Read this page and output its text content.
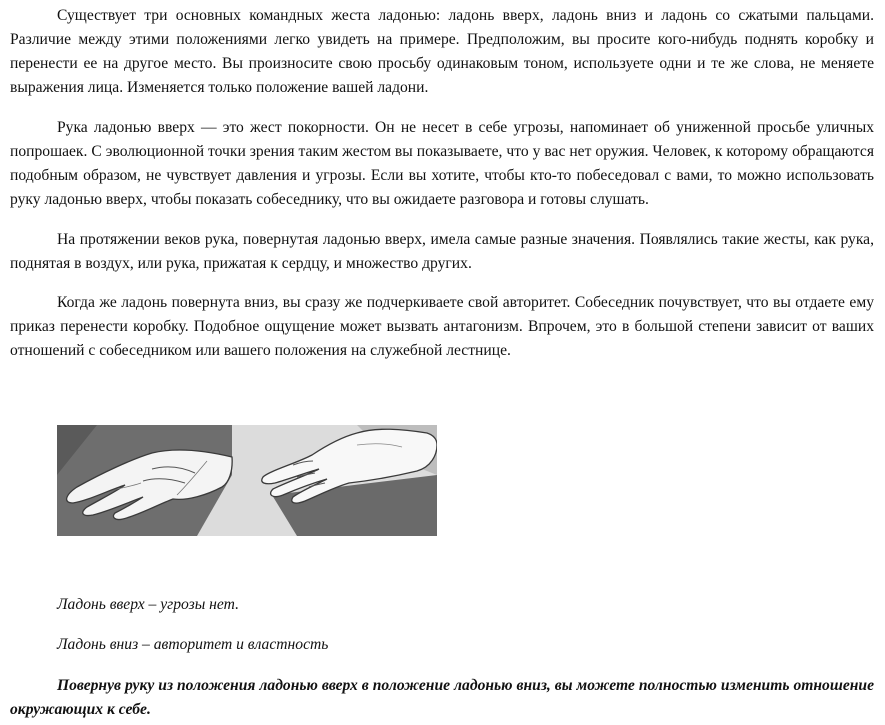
Существует три основных командных жеста ладонью: ладонь вверх, ладонь вниз и ладонь со сжатыми пальцами. Различие между этими положениями легко увидеть на примере. Предположим, вы просите кого-нибудь поднять коробку и перенести ее на другое место. Вы произносите свою просьбу одинаковым тоном, используете одни и те же слова, не меняете выражения лица. Изменяется только положение вашей ладони.

Рука ладонью вверх — это жест покорности. Он не несет в себе угрозы, напоминает об униженной просьбе уличных попрошаек. С эволюционной точки зрения таким жестом вы показываете, что у вас нет оружия. Человек, к которому обращаются подобным образом, не чувствует давления и угрозы. Если вы хотите, чтобы кто-то побеседовал с вами, то можно использовать руку ладонью вверх, чтобы показать собеседнику, что вы ожидаете разговора и готовы слушать.

На протяжении веков рука, повернутая ладонью вверх, имела самые разные значения. Появлялись такие жесты, как рука, поднятая в воздух, или рука, прижатая к сердцу, и множество других.

Когда же ладонь повернута вниз, вы сразу же подчеркиваете свой авторитет. Собеседник почувствует, что вы отдаете ему приказ перенести коробку. Подобное ощущение может вызвать антагонизм. Впрочем, это в большой степени зависит от ваших отношений с собеседником или вашего положения на служебной лестнице.

Ладонь вверх – угрозы нет.

Ладонь вниз – авторитет и властность

Повернув руку из положения ладонью вверх в положение ладонью вниз, вы можете полностью изменить отношение окружающих к себе.
